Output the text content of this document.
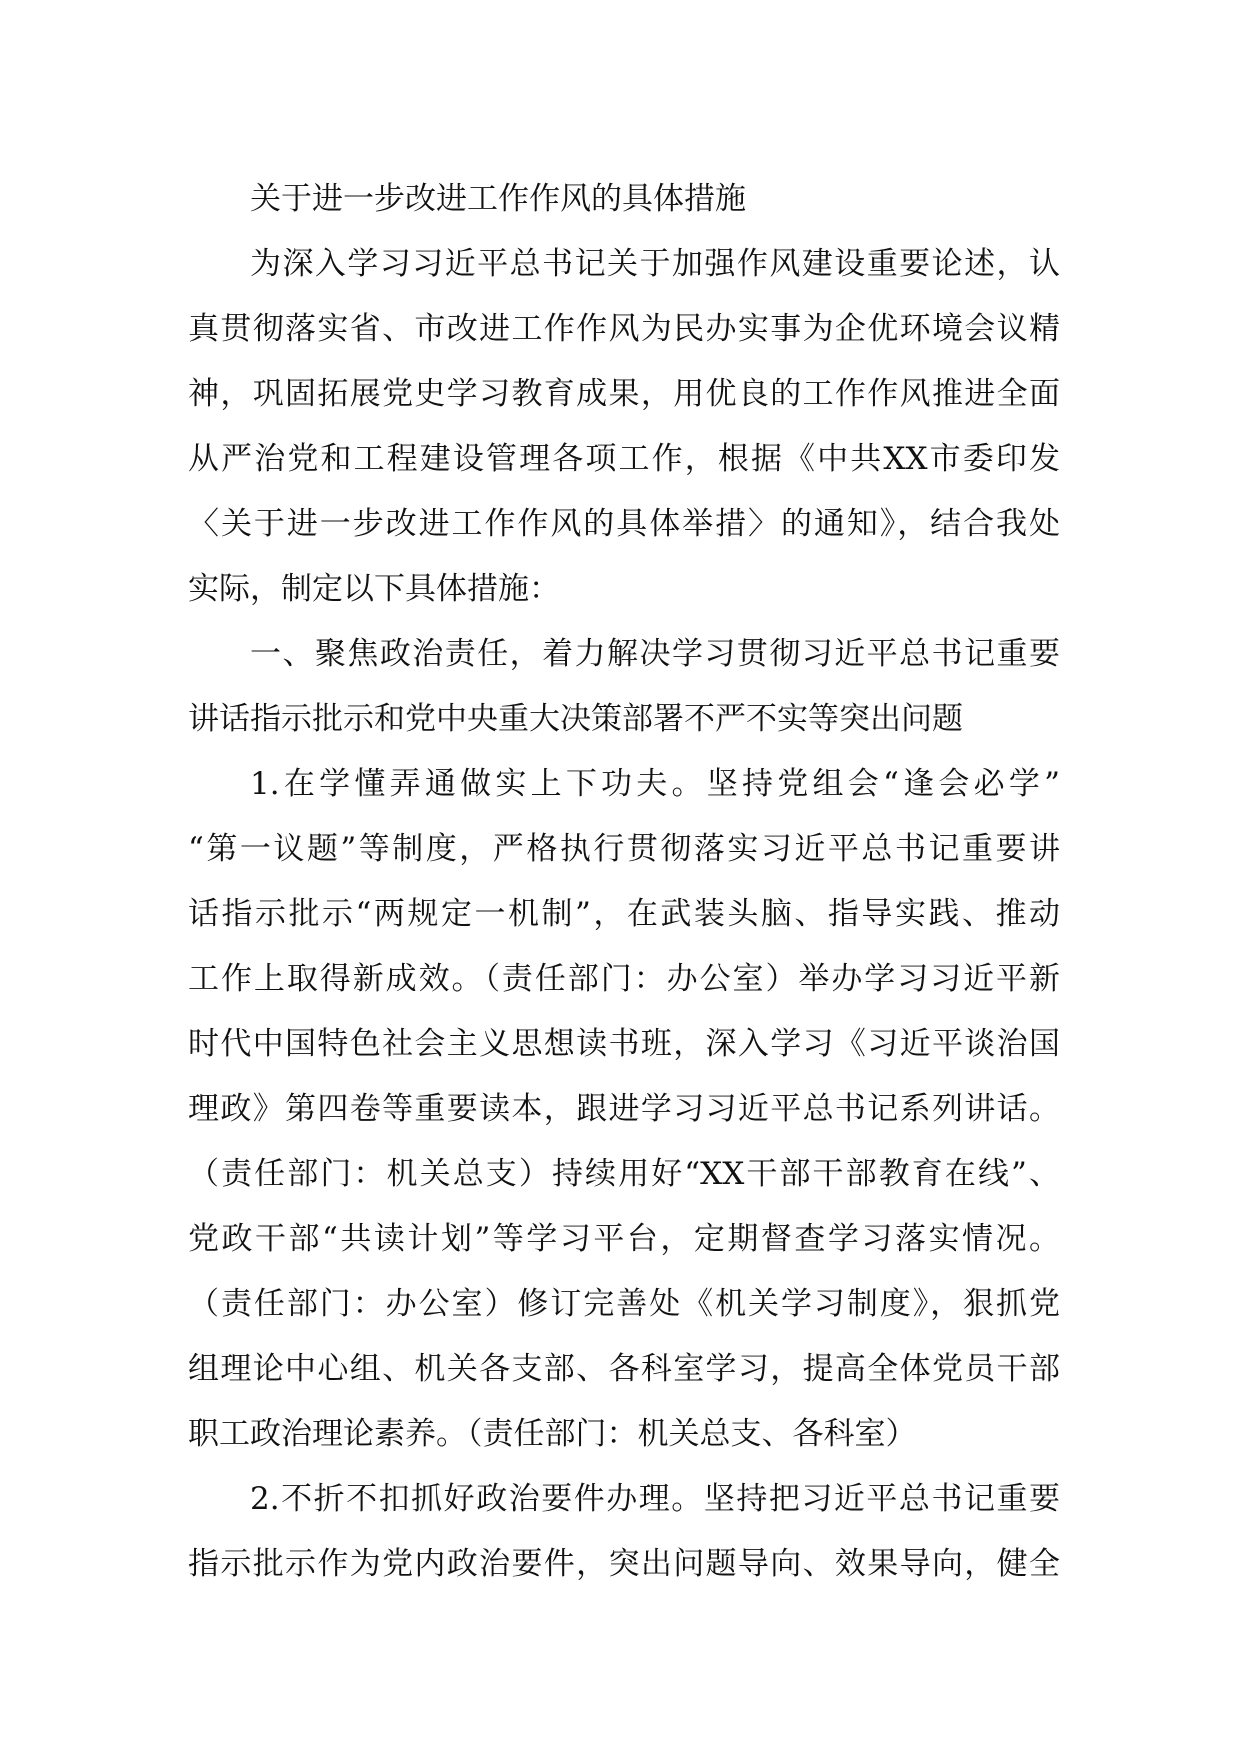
关于进一步改进工作作风的具体措施
为深入学习习近平总书记关于加强作风建设重要论述，认
真贯彻落实省、市改进工作作风为民办实事为企优环境会议精
神，巩固拓展党史学习教育成果，用优良的工作作风推进全面
从严治党和工程建设管理各项工作，根据《中共XX市委印发
〈关于进一步改进工作作风的具体举措〉的通知》，结合我处
实际，制定以下具体措施：
一、聚焦政治责任，着力解决学习贯彻习近平总书记重要
讲话指示批示和党中央重大决策部署不严不实等突出问题
1.在学懂弄通做实上下功夫。坚持党组会“逢会必学”
“第一议题”等制度，严格执行贯彻落实习近平总书记重要讲
话指示批示“两规定一机制”，在武装头脑、指导实践、推动
工作上取得新成效。（责任部门：办公室）举办学习习近平新
时代中国特色社会主义思想读书班，深入学习《习近平谈治国
理政》第四卷等重要读本，跟进学习习近平总书记系列讲话。
（责任部门：机关总支）持续用好“XX干部干部教育在线”、
党政干部“共读计划”等学习平台，定期督查学习落实情况。
（责任部门：办公室）修订完善处《机关学习制度》，狠抓党
组理论中心组、机关各支部、各科室学习，提高全体党员干部
职工政治理论素养。（责任部门：机关总支、各科室）
2.不折不扣抓好政治要件办理。坚持把习近平总书记重要
指示批示作为党内政治要件，突出问题导向、效果导向，健全
